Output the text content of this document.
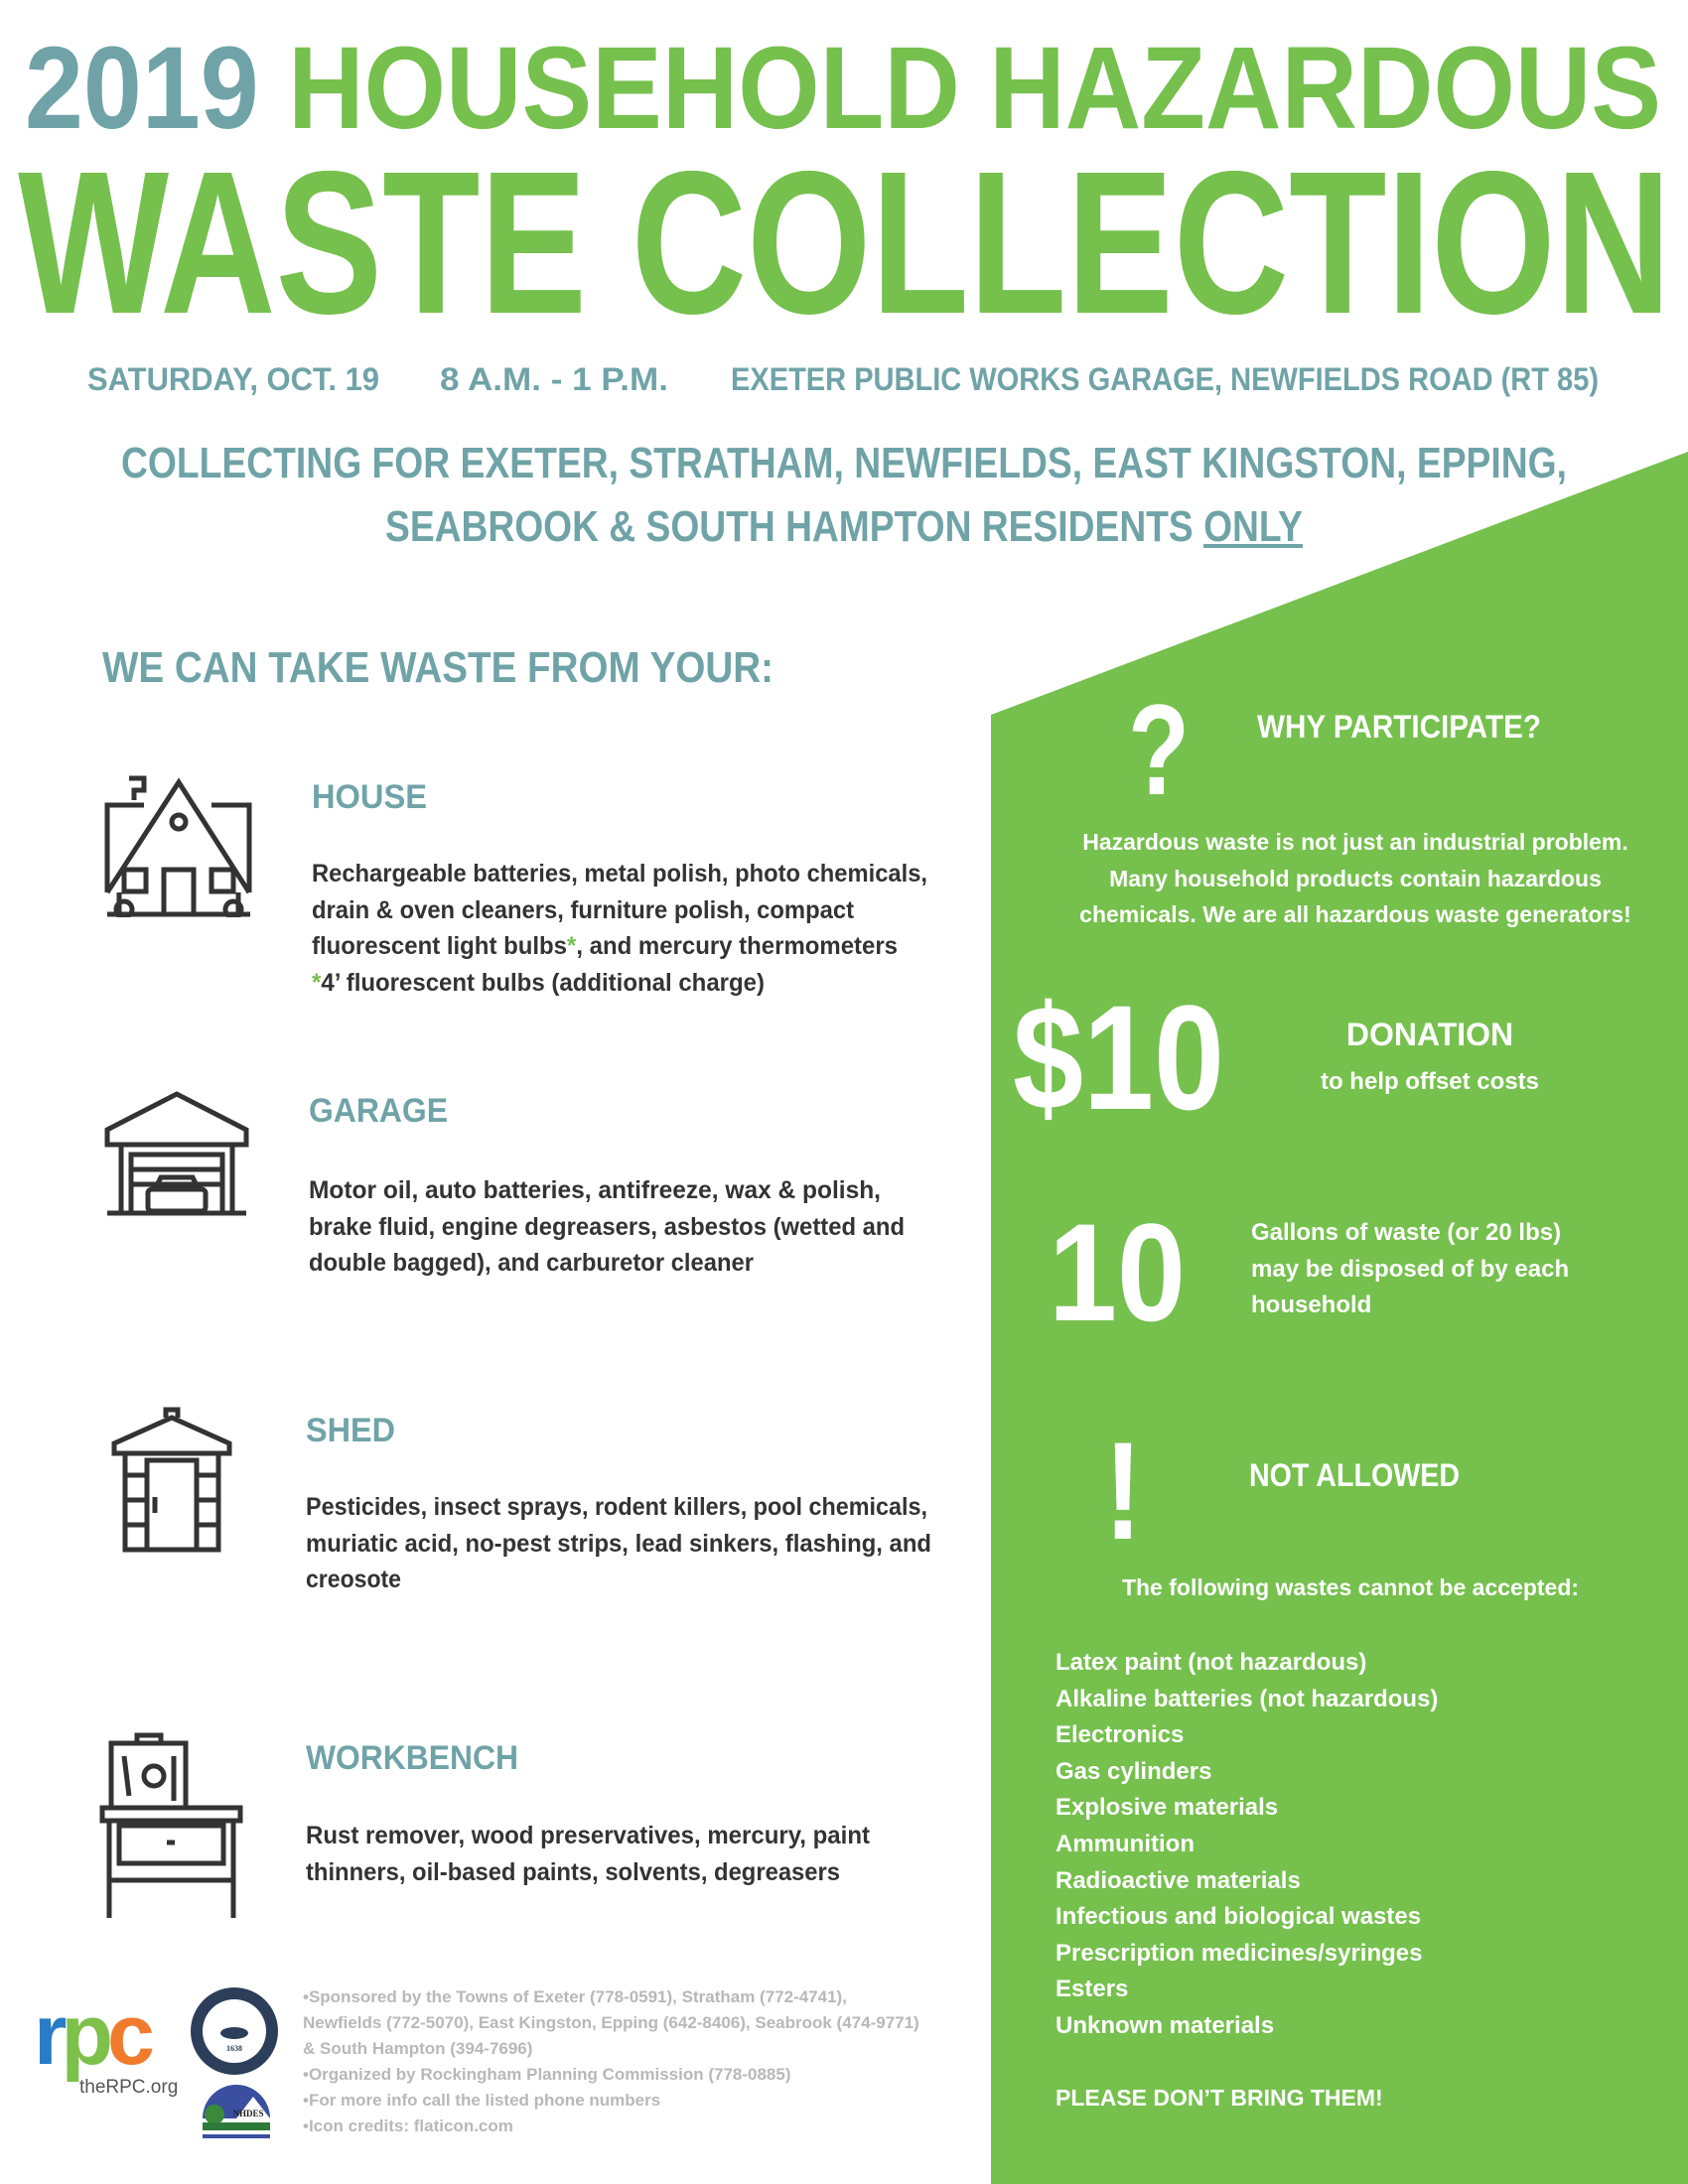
2019 HOUSEHOLD HAZARDOUS
WASTE COLLECTION
SATURDAY, OCT. 19	8 A.M. - 1 P.M. EXETER PUBLIC WORKS GARAGE, NEWFIELDS ROAD (RT 85)
COLLECTING FOR EXETER, STRATHAM, NEWFIELDS, EAST KINGSTON, EPPING,
SEABROOK & SOUTH HAMPTON RESIDENTS ONLY
WE CAN TAKE WASTE FROM YOUR:
HOUSE
Rechargeable batteries, metal polish, photo chemicals,
drain & oven cleaners, furniture polish, compact
fluorescent light bulbs*, and mercury thermometers
*4’ fluorescent bulbs (additional charge)
GARAGE
Motor oil, auto batteries, antifreeze, wax & polish,
brake fluid, engine degreasers, asbestos (wetted and
double bagged), and carburetor cleaner
SHED
Pesticides, insect sprays, rodent killers, pool chemicals,
muriatic acid, no-pest strips, lead sinkers, flashing, and
creosote
WORKBENCH
Rust remover, wood preservatives, mercury, paint
thinners, oil-based paints, solvents, degreasers
?	WHY PARTICIPATE?
Hazardous waste is not just an industrial problem.
Many household products contain hazardous
chemicals. We are all hazardous waste generators!
$10	DONATION
to help offset costs
10	Gallons of waste (or 20 lbs)
may be disposed of by each
household
!	NOT ALLOWED
The following wastes cannot be accepted:
Latex paint (not hazardous)
Alkaline batteries (not hazardous)
Electronics
Gas cylinders
Explosive materials
Ammunition
Radioactive materials
Infectious and biological wastes
Prescription medicines/syringes
Esters
Unknown materials
PLEASE DON’T BRING THEM!
rpc
theRPC.org
1638
NHDES
•Sponsored by the Towns of Exeter (778-0591), Stratham (772-4741),
Newfields (772-5070), East Kingston, Epping (642-8406), Seabrook (474-9771)
& South Hampton (394-7696)
•Organized by Rockingham Planning Commission (778-0885)
•For more info call the listed phone numbers
•Icon credits: flaticon.com
